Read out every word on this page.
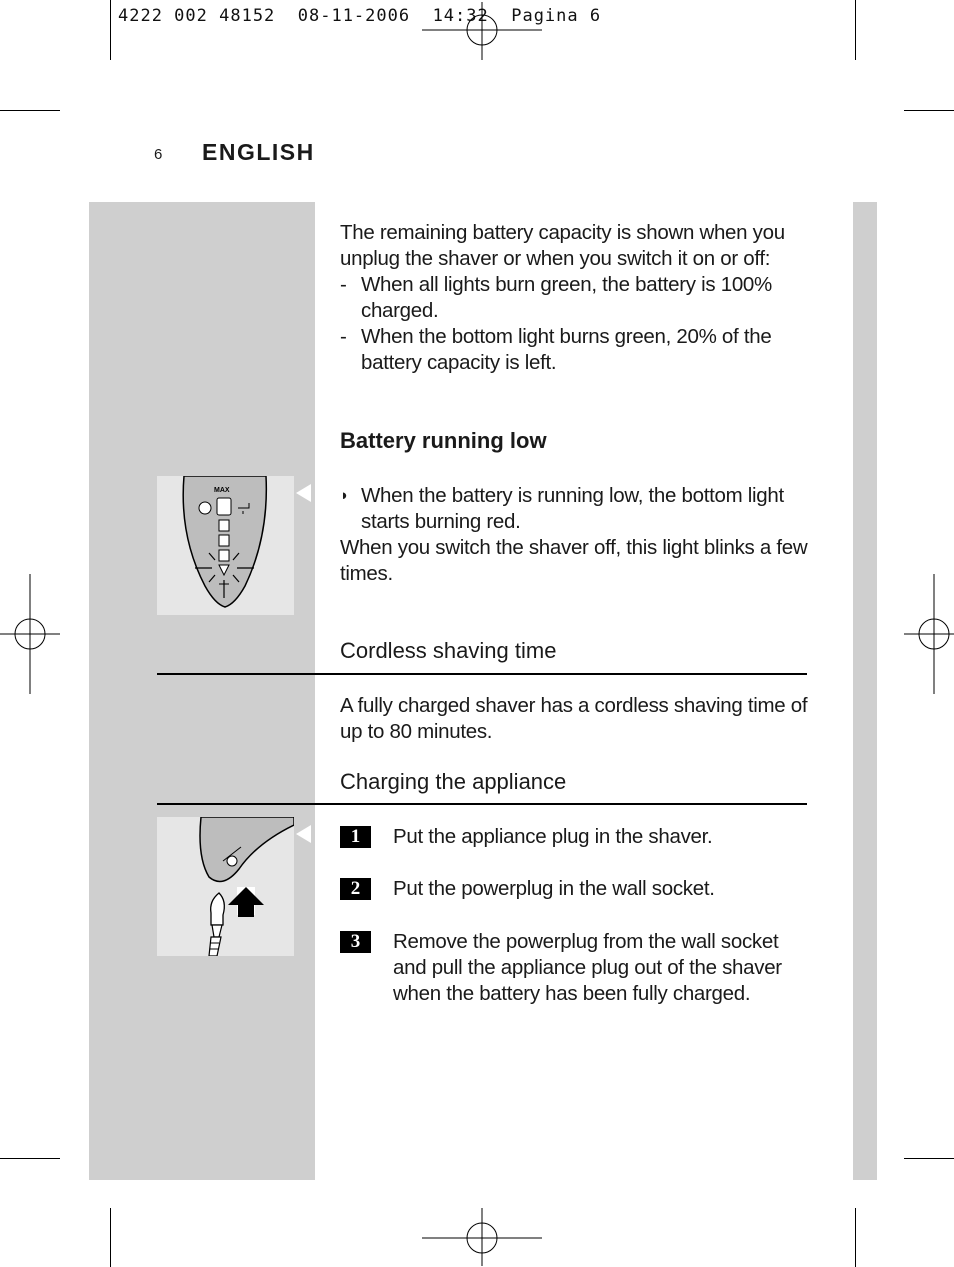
4222 002 48152  08-11-2006  14:32  Pagina 6
6 ENGLISH
The remaining battery capacity is shown when you unplug the shaver or when you switch it on or off:
- When all lights burn green, the battery is 100% charged.
- When the bottom light burns green, 20% of the battery capacity is left.
Battery running low
MAX	◗ When the battery is running low, the bottom light starts burning red.
When you switch the shaver off, this light blinks a few times.
Cordless shaving time
A fully charged shaver has a cordless shaving time of up to 80 minutes.
Charging the appliance
1	Put the appliance plug in the shaver.
2	Put the powerplug in the wall socket.
3	Remove the powerplug from the wall socket and pull the appliance plug out of the shaver when the battery has been fully charged.
